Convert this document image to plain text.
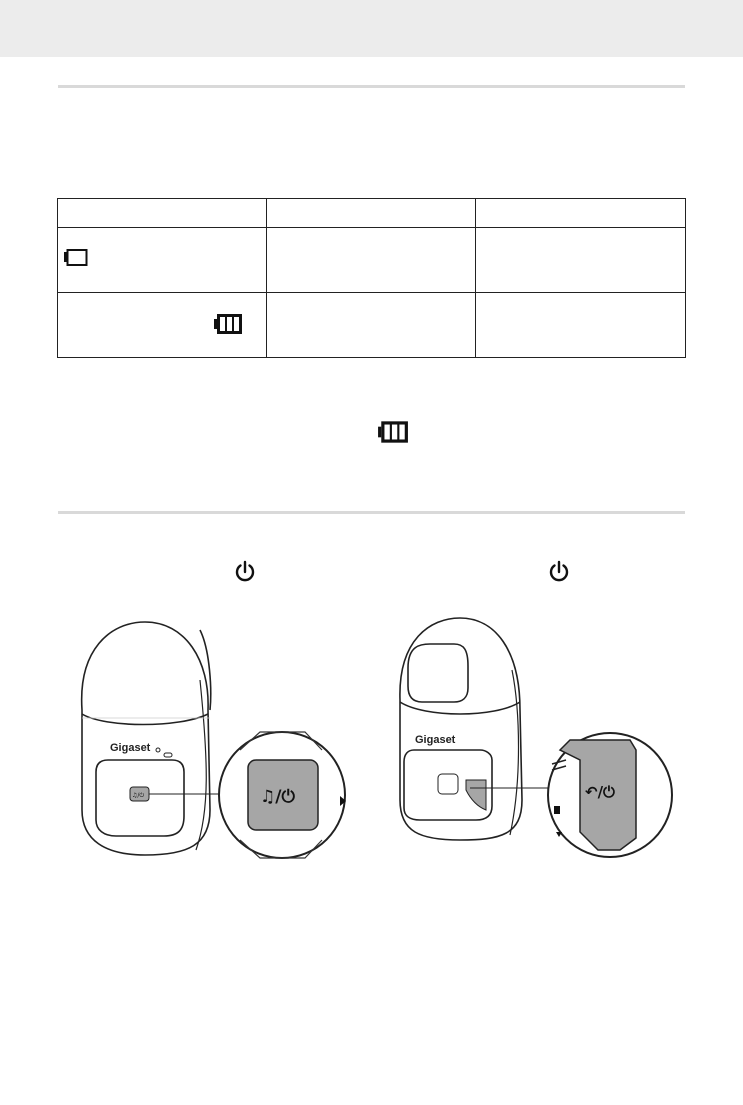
Gigaset
♫/⏻	♫/⏻
Gigaset
↶/⏻
